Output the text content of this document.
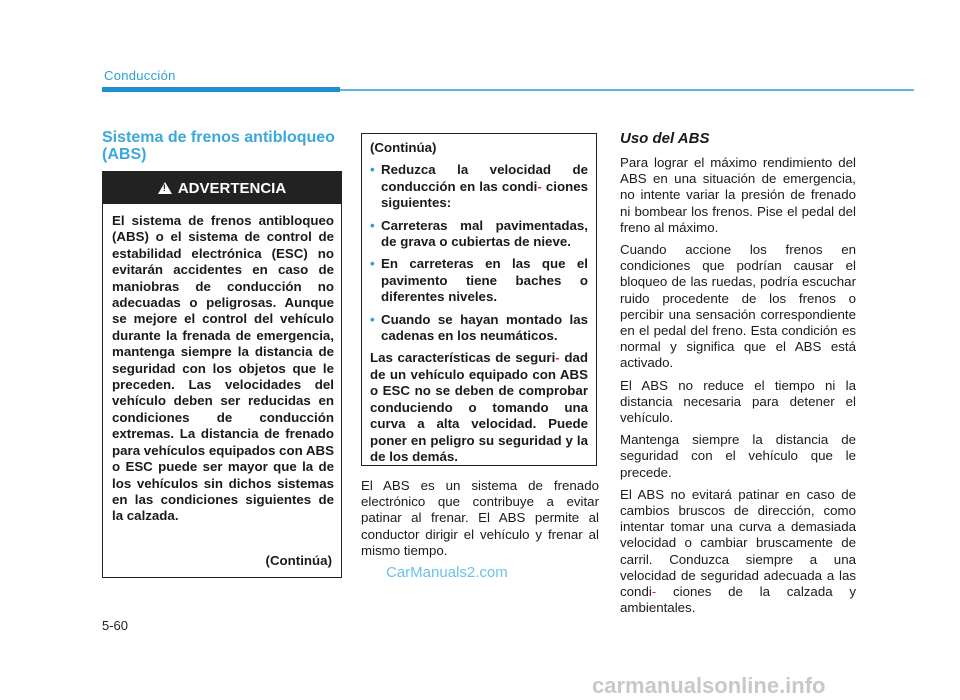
Conducción
Sistema de frenos antibloqueo (ABS)
!
ADVERTENCIA
El sistema de frenos antibloqueo (ABS) o el sistema de control de estabilidad electrónica (ESC) no evitarán accidentes en caso de maniobras de conducción no adecuadas o peligrosas. Aunque se mejore el control del vehículo durante la frenada de emergencia, mantenga siempre la distancia de seguridad con los objetos que le preceden. Las velocidades del vehículo deben ser reducidas en condiciones de conducción extremas. La distancia de frenado para vehículos equipados con ABS o ESC puede ser mayor que la de los vehículos sin dichos sistemas en las condiciones siguientes de la calzada.
(Continúa)

(Continúa)

• Reduzca la velocidad de conducción en las condi- ciones siguientes:
• Carreteras mal pavimentadas, de grava o cubiertas de nieve.
• En carreteras en las que el pavimento tiene baches o diferentes niveles.
• Cuando se hayan montado las cadenas en los neumáticos.

Las características de seguri- dad de un vehículo equipado con ABS o ESC no se deben de comprobar conduciendo o tomando una curva a alta velocidad. Puede poner en peligro su seguridad y la de los demás.

El ABS es un sistema de frenado electrónico que contribuye a evitar patinar al frenar. El ABS permite al conductor dirigir el vehículo y frenar al mismo tiempo.
Uso del ABS
Para lograr el máximo rendimiento del ABS en una situación de emergencia, no intente variar la presión de frenado ni bombear los frenos. Pise el pedal del freno al máximo.
Cuando accione los frenos en condiciones que podrían causar el bloqueo de las ruedas, podría escuchar ruido procedente de los frenos o percibir una sensación correspondiente en el pedal del freno. Esta condición es normal y significa que el ABS está activado.
El ABS no reduce el tiempo ni la distancia necesaria para detener el vehículo.
Mantenga siempre la distancia de seguridad con el vehículo que le precede.
El ABS no evitará patinar en caso de cambios bruscos de dirección, como intentar tomar una curva a demasiada velocidad o cambiar bruscamente de carril. Conduzca siempre a una velocidad de seguridad adecuada a las condi- ciones de la calzada y ambientales.
5-60
CarManuals2.com
carmanualsonline.info
